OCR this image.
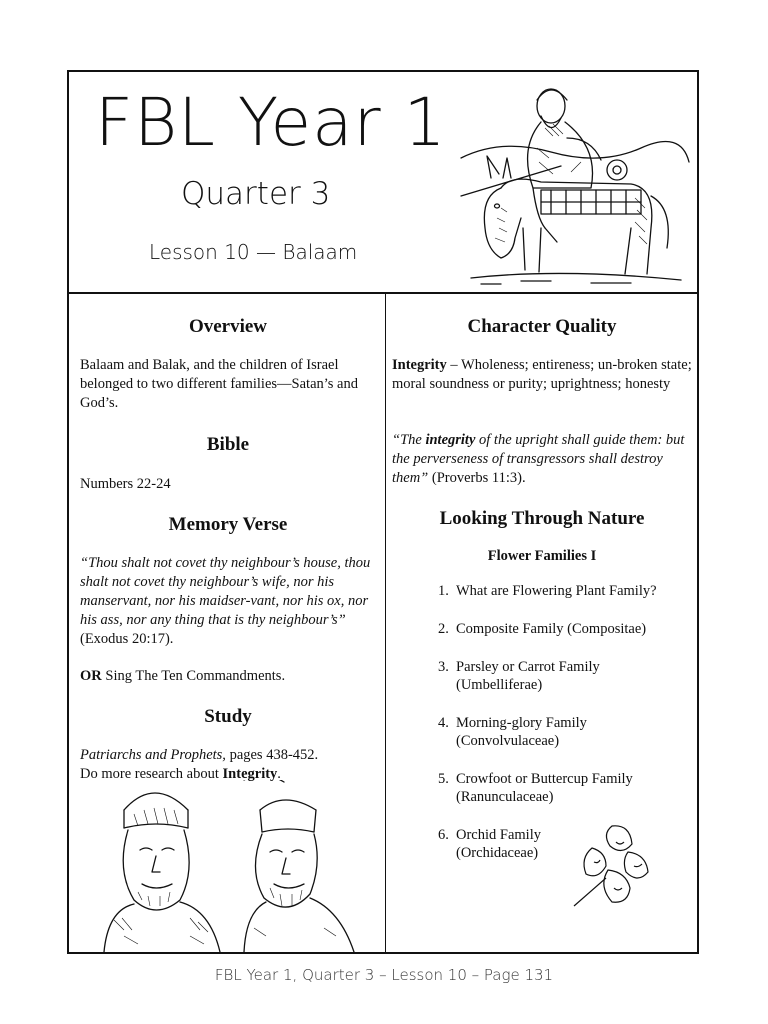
FBL Year 1

Quarter 3

Lesson 10 — Balaam

Overview

Balaam and Balak, and the children of Israel belonged to two different families—Satan’s and God’s.

Bible

Numbers 22-24

Memory Verse

“Thou shalt not covet thy neighbour’s house, thou shalt not covet thy neighbour’s wife, nor his manservant, nor his maidser-vant, nor his ox, nor his ass, nor any thing that is thy neighbour’s” (Exodus 20:17).

OR Sing The Ten Commandments.

Study

Patriarchs and Prophets, pages 438-452.
Do more research about Integrity.

Character Quality

Integrity – Wholeness; entireness; un-broken state; moral soundness or purity; uprightness; honesty

“The integrity of the upright shall guide them: but the perverseness of transgressors shall destroy them” (Proverbs 11:3).

Looking Through Nature

Flower Families I

1. What are Flowering Plant Family?
2. Composite Family (Compositae)
3. Parsley or Carrot Family (Umbelliferae)
4. Morning-glory Family (Convolvulaceae)
5. Crowfoot or Buttercup Family (Ranunculaceae)
6. Orchid Family (Orchidaceae)
FBL Year 1, Quarter 3 – Lesson 10 – Page 131
